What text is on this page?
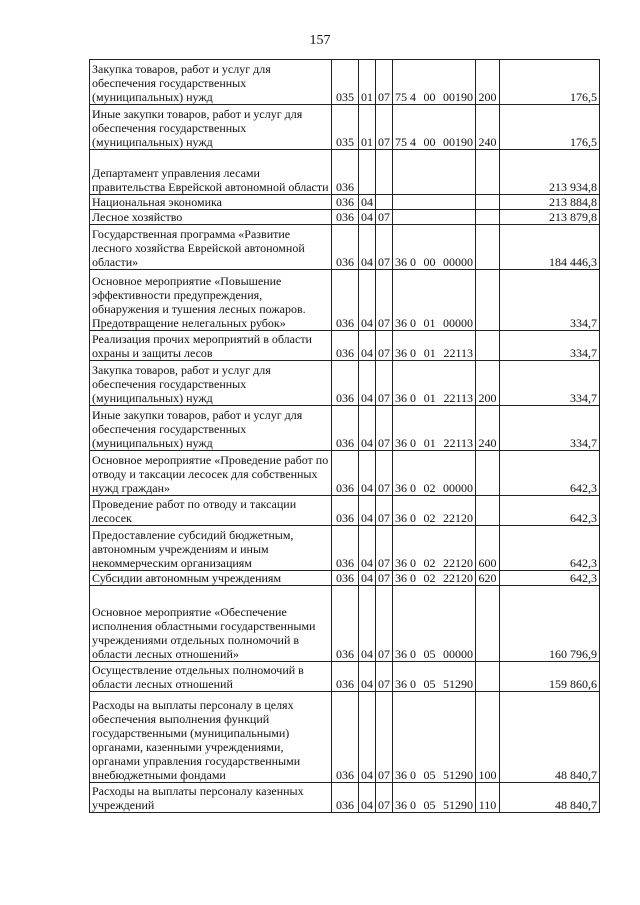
157
Закупка товаров, работ и услуг для обеспечения государственных (муниципальных) нужд	035	01	07	75 4 00 00190	200	176,5
Иные закупки товаров, работ и услуг для обеспечения государственных (муниципальных) нужд	035	01	07	75 4 00 00190	240	176,5
Департамент управления лесами правительства Еврейской автономной области	036					213 934,8
Национальная экономика	036	04				213 884,8
Лесное хозяйство	036	04	07			213 879,8
Государственная программа «Развитие лесного хозяйства Еврейской автономной области»	036	04	07	36 0 00 00000		184 446,3
Основное мероприятие «Повышение эффективности предупреждения, обнаружения и тушения лесных пожаров. Предотвращение нелегальных рубок»	036	04	07	36 0 01 00000		334,7
Реализация прочих мероприятий в области охраны и защиты лесов	036	04	07	36 0 01 22113		334,7
Закупка товаров, работ и услуг для обеспечения государственных (муниципальных) нужд	036	04	07	36 0 01 22113	200	334,7
Иные закупки товаров, работ и услуг для обеспечения государственных (муниципальных) нужд	036	04	07	36 0 01 22113	240	334,7
Основное мероприятие «Проведение работ по отводу и таксации лесосек для собственных нужд граждан»	036	04	07	36 0 02 00000		642,3
Проведение работ по отводу и таксации лесосек	036	04	07	36 0 02 22120		642,3
Предоставление субсидий бюджетным, автономным учреждениям и иным некоммерческим организациям	036	04	07	36 0 02 22120	600	642,3
Субсидии автономным учреждениям	036	04	07	36 0 02 22120	620	642,3
Основное мероприятие «Обеспечение исполнения областными государственными учреждениями отдельных полномочий в области лесных отношений»	036	04	07	36 0 05 00000		160 796,9
Осуществление отдельных полномочий в области лесных отношений	036	04	07	36 0 05 51290		159 860,6
Расходы на выплаты персоналу в целях обеспечения выполнения функций государственными (муниципальными) органами, казенными учреждениями, органами управления государственными внебюджетными фондами	036	04	07	36 0 05 51290	100	48 840,7
Расходы на выплаты персоналу казенных учреждений	036	04	07	36 0 05 51290	110	48 840,7
